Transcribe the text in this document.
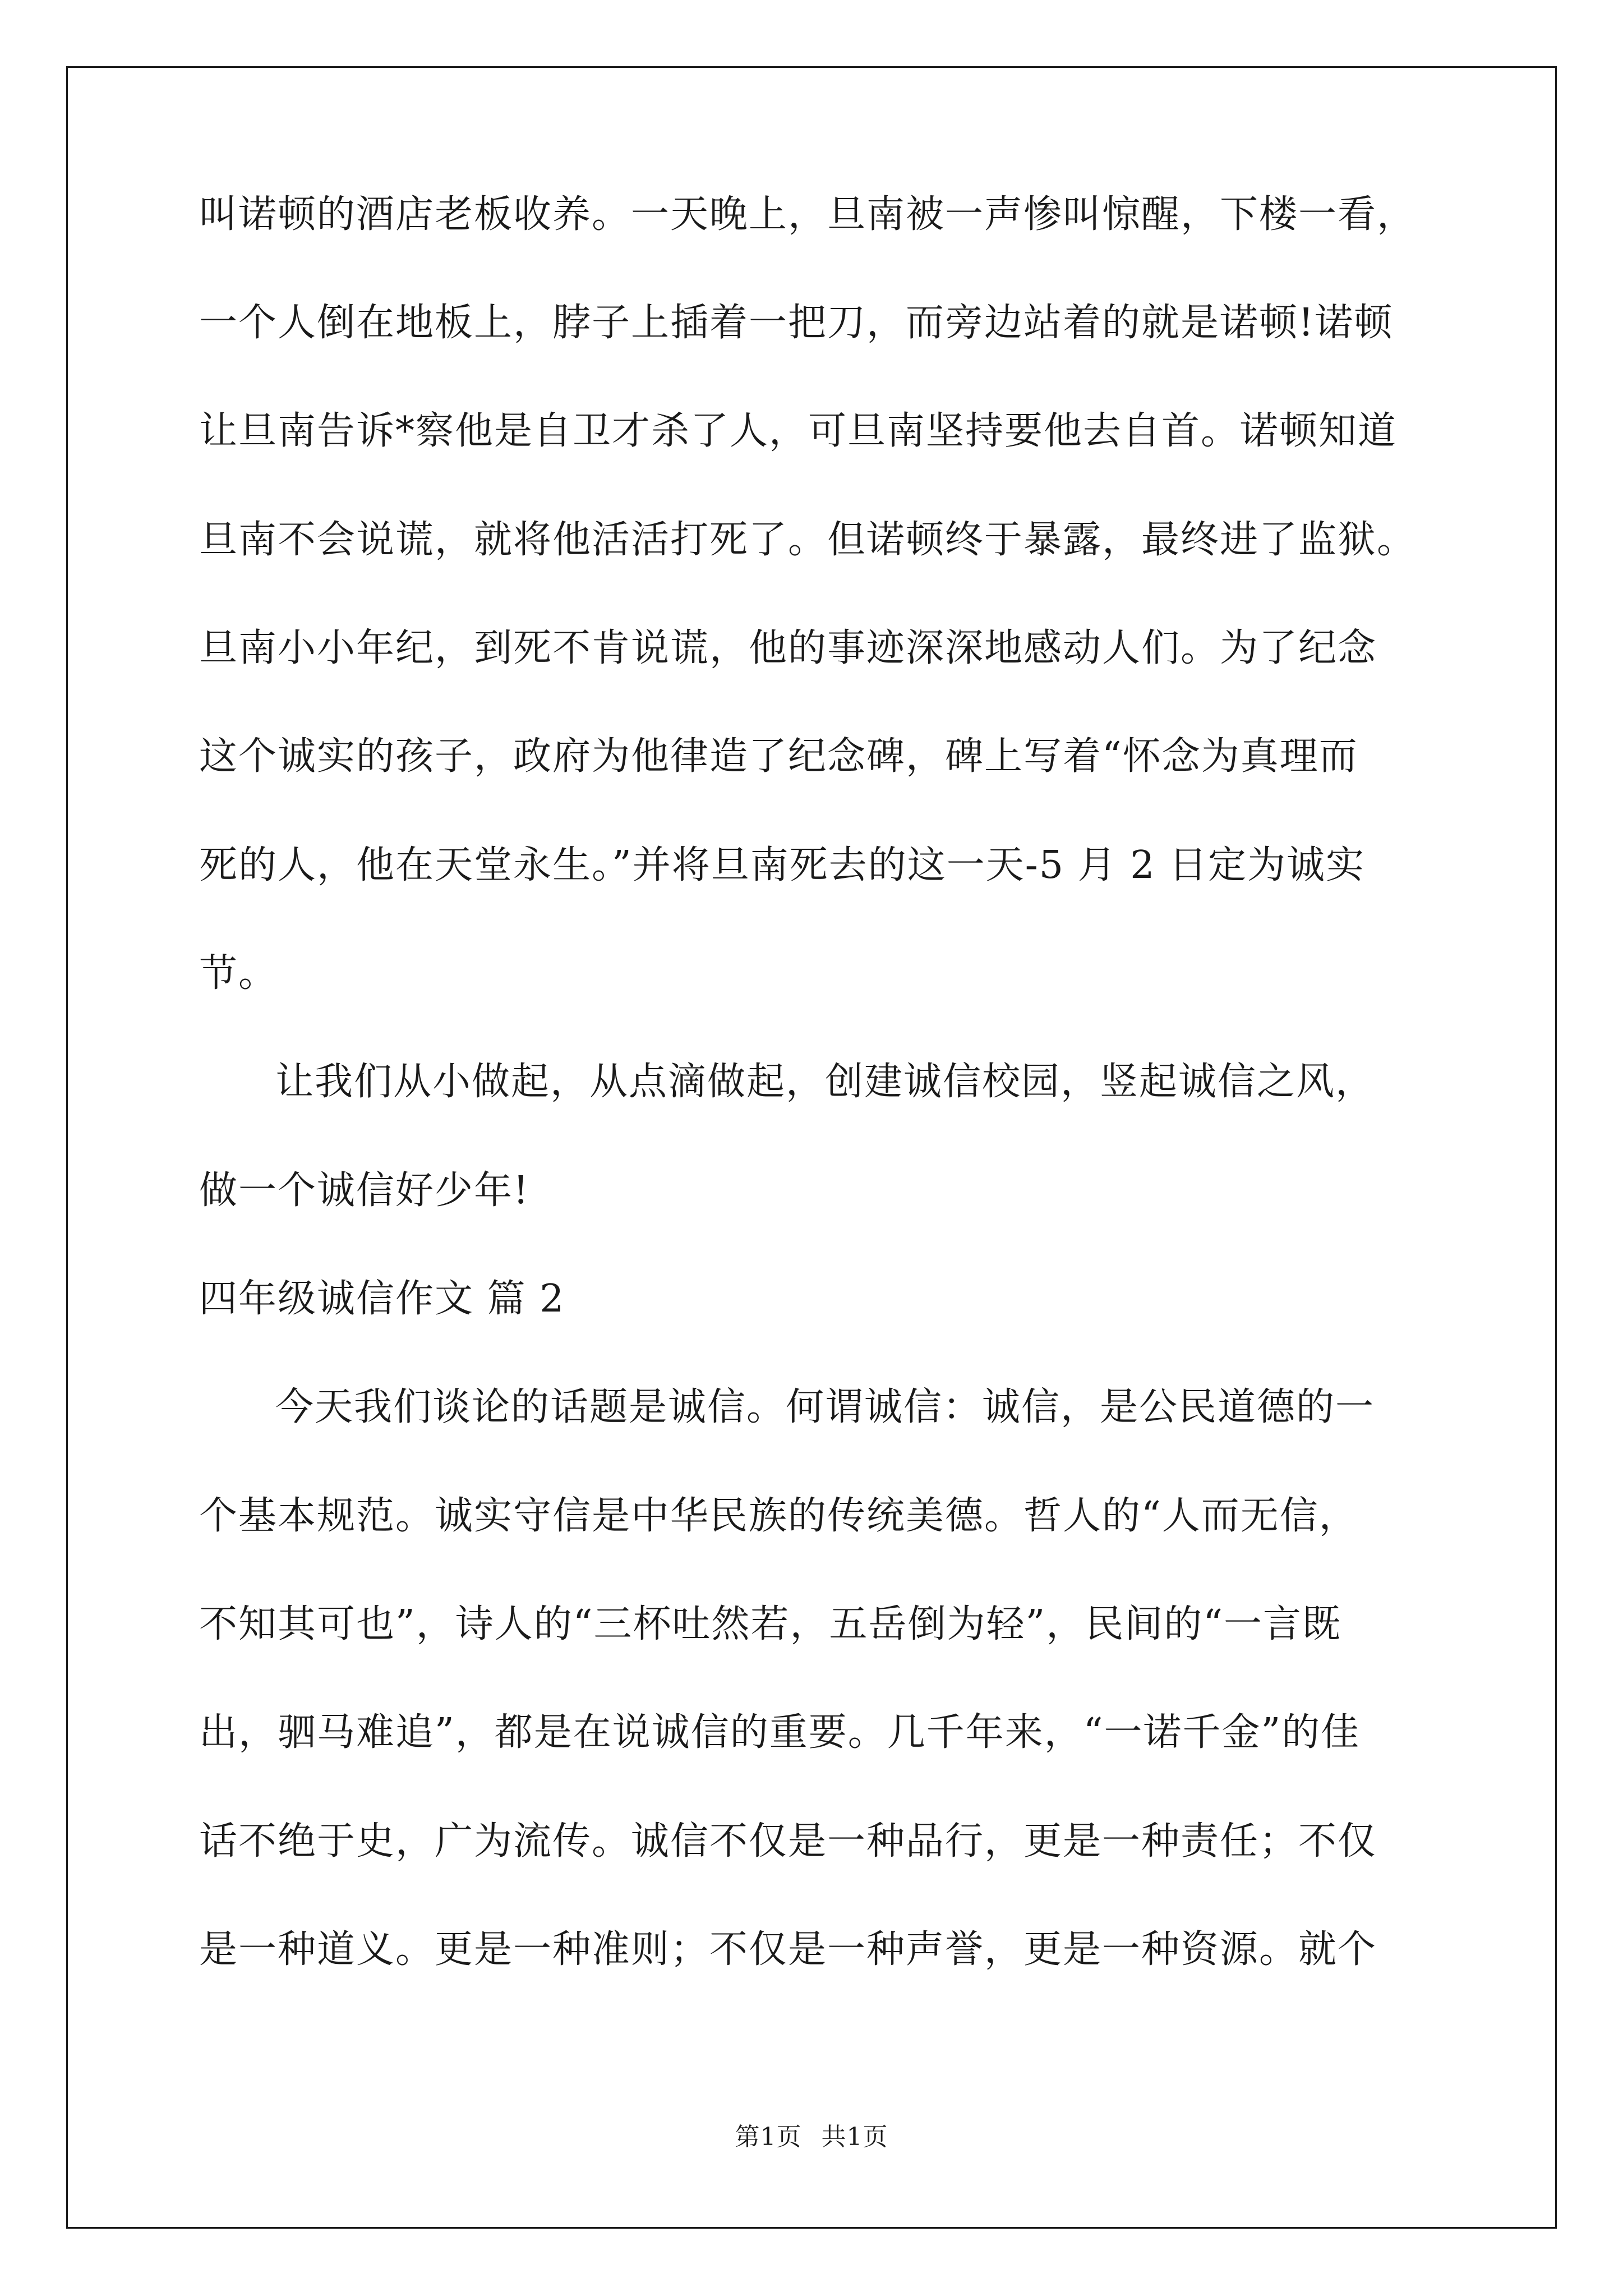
叫诺顿的酒店老板收养。一天晚上，旦南被一声惨叫惊醒，下楼一看，
一个人倒在地板上，脖子上插着一把刀，而旁边站着的就是诺顿!诺顿
让旦南告诉*察他是自卫才杀了人，可旦南坚持要他去自首。诺顿知道
旦南不会说谎，就将他活活打死了。但诺顿终于暴露，最终进了监狱。
旦南小小年纪，到死不肯说谎，他的事迹深深地感动人们。为了纪念
这个诚实的孩子，政府为他律造了纪念碑，碑上写着“怀念为真理而
死的人，他在天堂永生。”并将旦南死去的这一天-5 月 2 日定为诚实
节。
让我们从小做起，从点滴做起，创建诚信校园，竖起诚信之风，
做一个诚信好少年!
四年级诚信作文 篇 2
今天我们谈论的话题是诚信。何谓诚信：诚信，是公民道德的一
个基本规范。诚实守信是中华民族的传统美德。哲人的“人而无信，
不知其可也”，诗人的“三杯吐然若，五岳倒为轻”，民间的“一言既
出，驷马难追”，都是在说诚信的重要。几千年来，“一诺千金”的佳
话不绝于史，广为流传。诚信不仅是一种品行，更是一种责任；不仅
是一种道义。更是一种准则；不仅是一种声誉，更是一种资源。就个
第1页 共1页
